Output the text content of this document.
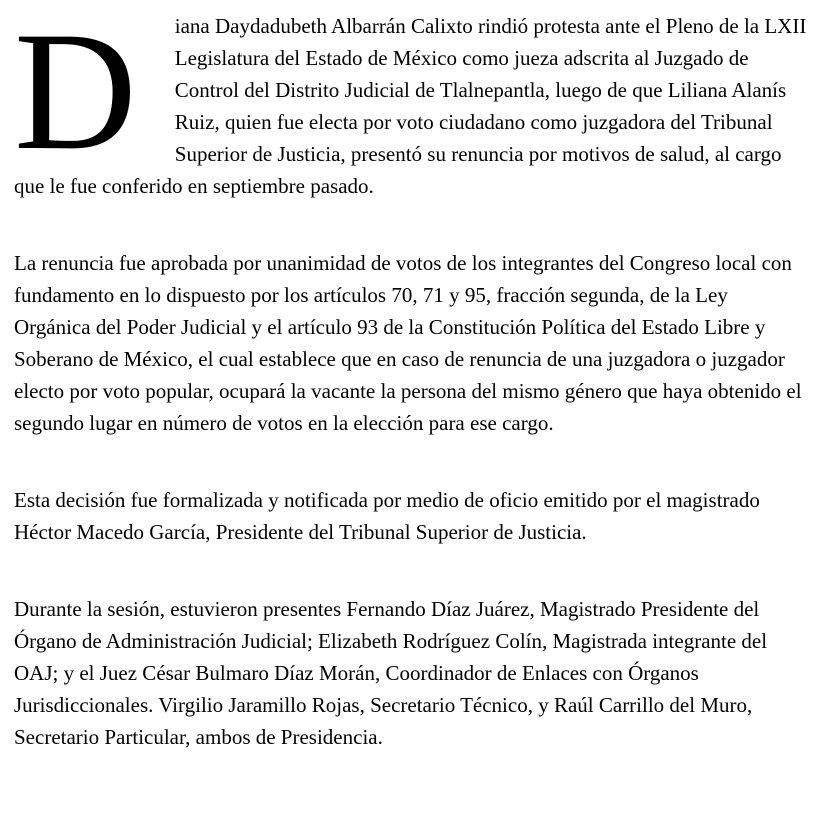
D iana Daydadubeth Albarrán Calixto rindió protesta ante el Pleno de la LXII Legislatura del Estado de México como jueza adscrita al Juzgado de Control del Distrito Judicial de Tlalnepantla, luego de que Liliana Alanís Ruiz, quien fue electa por voto ciudadano como juzgadora del Tribunal Superior de Justicia, presentó su renuncia por motivos de salud, al cargo que le fue conferido en septiembre pasado.

La renuncia fue aprobada por unanimidad de votos de los integrantes del Congreso local con fundamento en lo dispuesto por los artículos 70, 71 y 95, fracción segunda, de la Ley Orgánica del Poder Judicial y el artículo 93 de la Constitución Política del Estado Libre y Soberano de México, el cual establece que en caso de renuncia de una juzgadora o juzgador electo por voto popular, ocupará la vacante la persona del mismo género que haya obtenido el segundo lugar en número de votos en la elección para ese cargo.

Esta decisión fue formalizada y notificada por medio de oficio emitido por el magistrado Héctor Macedo García, Presidente del Tribunal Superior de Justicia.

Durante la sesión, estuvieron presentes Fernando Díaz Juárez, Magistrado Presidente del Órgano de Administración Judicial; Elizabeth Rodríguez Colín, Magistrada integrante del OAJ; y el Juez César Bulmaro Díaz Morán, Coordinador de Enlaces con Órganos Jurisdiccionales. Virgilio Jaramillo Rojas, Secretario Técnico, y Raúl Carrillo del Muro, Secretario Particular, ambos de Presidencia.
